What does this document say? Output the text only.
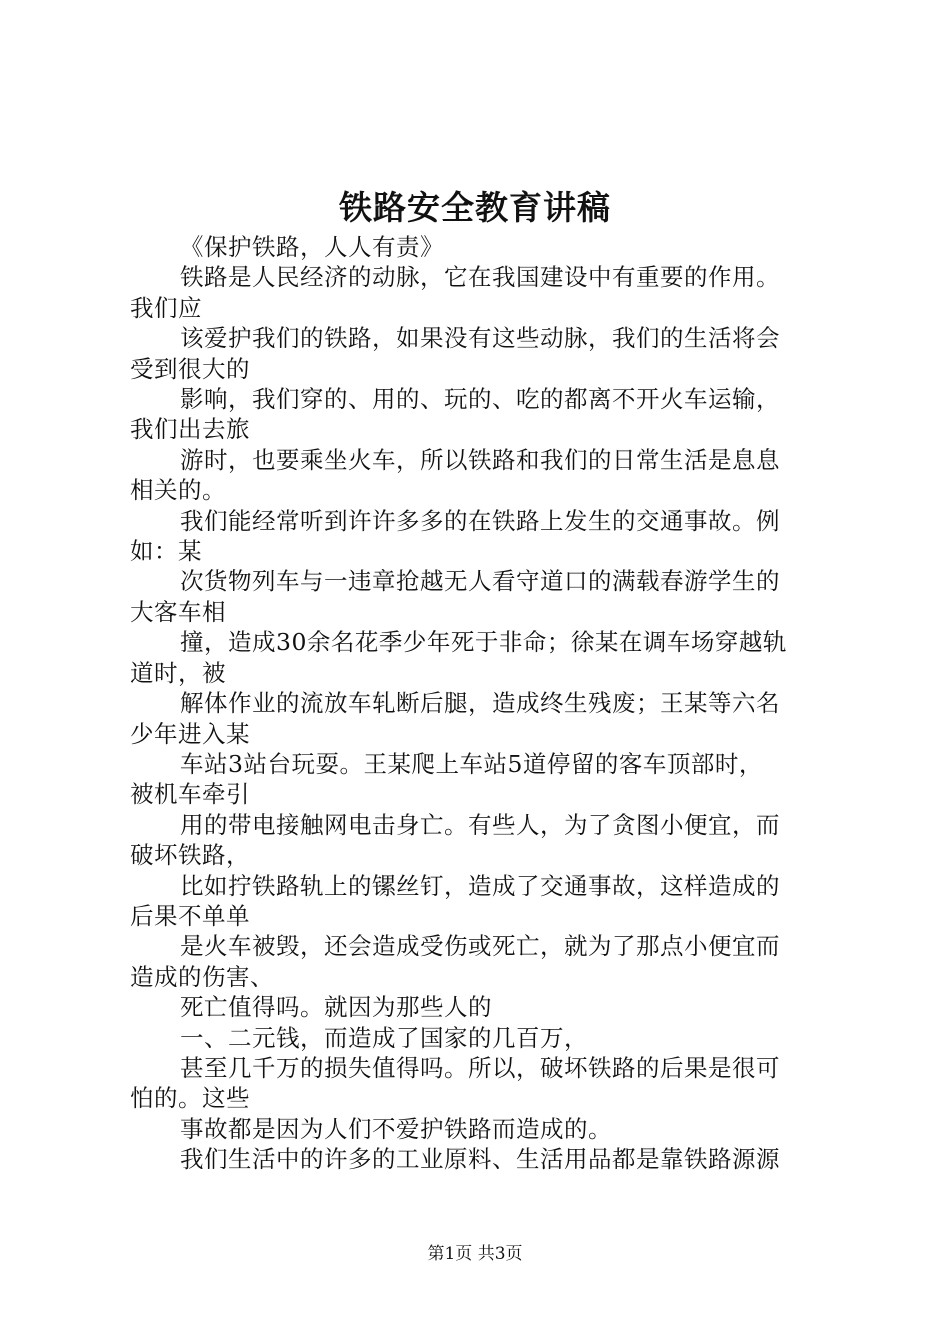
铁路安全教育讲稿

《保护铁路，人人有责》

铁路是人民经济的动脉，它在我国建设中有重要的作用。

我们应

该爱护我们的铁路，如果没有这些动脉，我们的生活将会

受到很大的

影响，我们穿的、用的、玩的、吃的都离不开火车运输，

我们出去旅

游时，也要乘坐火车，所以铁路和我们的日常生活是息息

相关的。

我们能经常听到许许多多的在铁路上发生的交通事故。例

如：某

次货物列车与一违章抢越无人看守道口的满载春游学生的

大客车相

撞，造成30余名花季少年死于非命；徐某在调车场穿越轨

道时，被

解体作业的流放车轧断后腿，造成终生残废；王某等六名

少年进入某

车站3站台玩耍。王某爬上车站5道停留的客车顶部时，

被机车牵引

用的带电接触网电击身亡。有些人，为了贪图小便宜，而

破坏铁路，

比如拧铁路轨上的镙丝钉，造成了交通事故，这样造成的

后果不单单

是火车被毁，还会造成受伤或死亡，就为了那点小便宜而

造成的伤害、

死亡值得吗。就因为那些人的

一、二元钱，而造成了国家的几百万，

甚至几千万的损失值得吗。所以，破坏铁路的后果是很可

怕的。这些

事故都是因为人们不爱护铁路而造成的。

我们生活中的许多的工业原料、生活用品都是靠铁路源源

第1页 共3页
